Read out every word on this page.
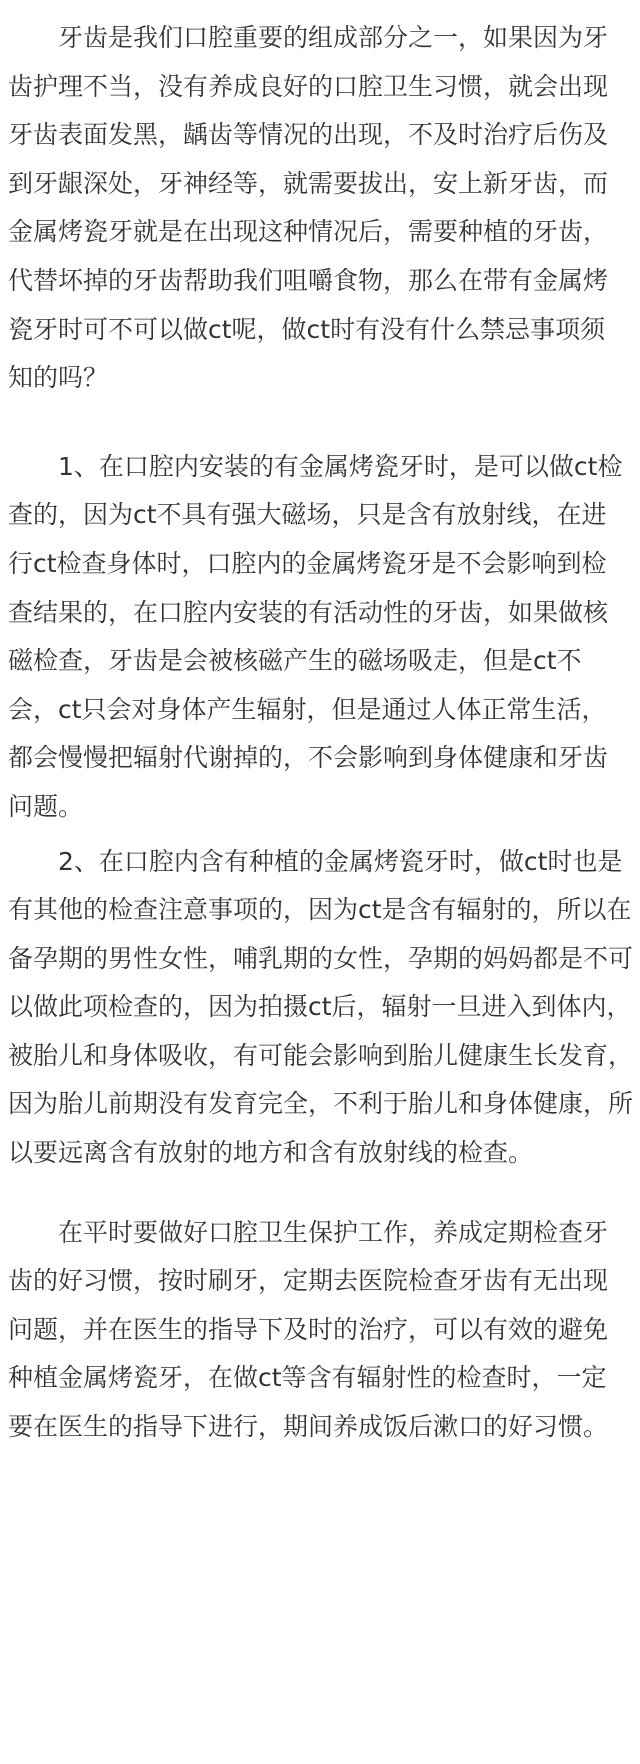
牙齿是我们口腔重要的组成部分之一，如果因为牙齿护理不当，没有养成良好的口腔卫生习惯，就会出现牙齿表面发黑，龋齿等情况的出现，不及时治疗后伤及到牙龈深处，牙神经等，就需要拔出，安上新牙齿，而金属烤瓷牙就是在出现这种情况后，需要种植的牙齿，代替坏掉的牙齿帮助我们咀嚼食物，那么在带有金属烤瓷牙时可不可以做ct呢，做ct时有没有什么禁忌事项须知的吗？

1、在口腔内安装的有金属烤瓷牙时，是可以做ct检查的，因为ct不具有强大磁场，只是含有放射线，在进行ct检查身体时，口腔内的金属烤瓷牙是不会影响到检查结果的，在口腔内安装的有活动性的牙齿，如果做核磁检查，牙齿是会被核磁产生的磁场吸走，但是ct不会，ct只会对身体产生辐射，但是通过人体正常生活，都会慢慢把辐射代谢掉的，不会影响到身体健康和牙齿问题。

2、在口腔内含有种植的金属烤瓷牙时，做ct时也是有其他的检查注意事项的，因为ct是含有辐射的，所以在备孕期的男性女性，哺乳期的女性，孕期的妈妈都是不可以做此项检查的，因为拍摄ct后，辐射一旦进入到体内，被胎儿和身体吸收，有可能会影响到胎儿健康生长发育，因为胎儿前期没有发育完全，不利于胎儿和身体健康，所以要远离含有放射的地方和含有放射线的检查。

在平时要做好口腔卫生保护工作，养成定期检查牙齿的好习惯，按时刷牙，定期去医院检查牙齿有无出现问题，并在医生的指导下及时的治疗，可以有效的避免种植金属烤瓷牙，在做ct等含有辐射性的检查时，一定要在医生的指导下进行，期间养成饭后漱口的好习惯。
